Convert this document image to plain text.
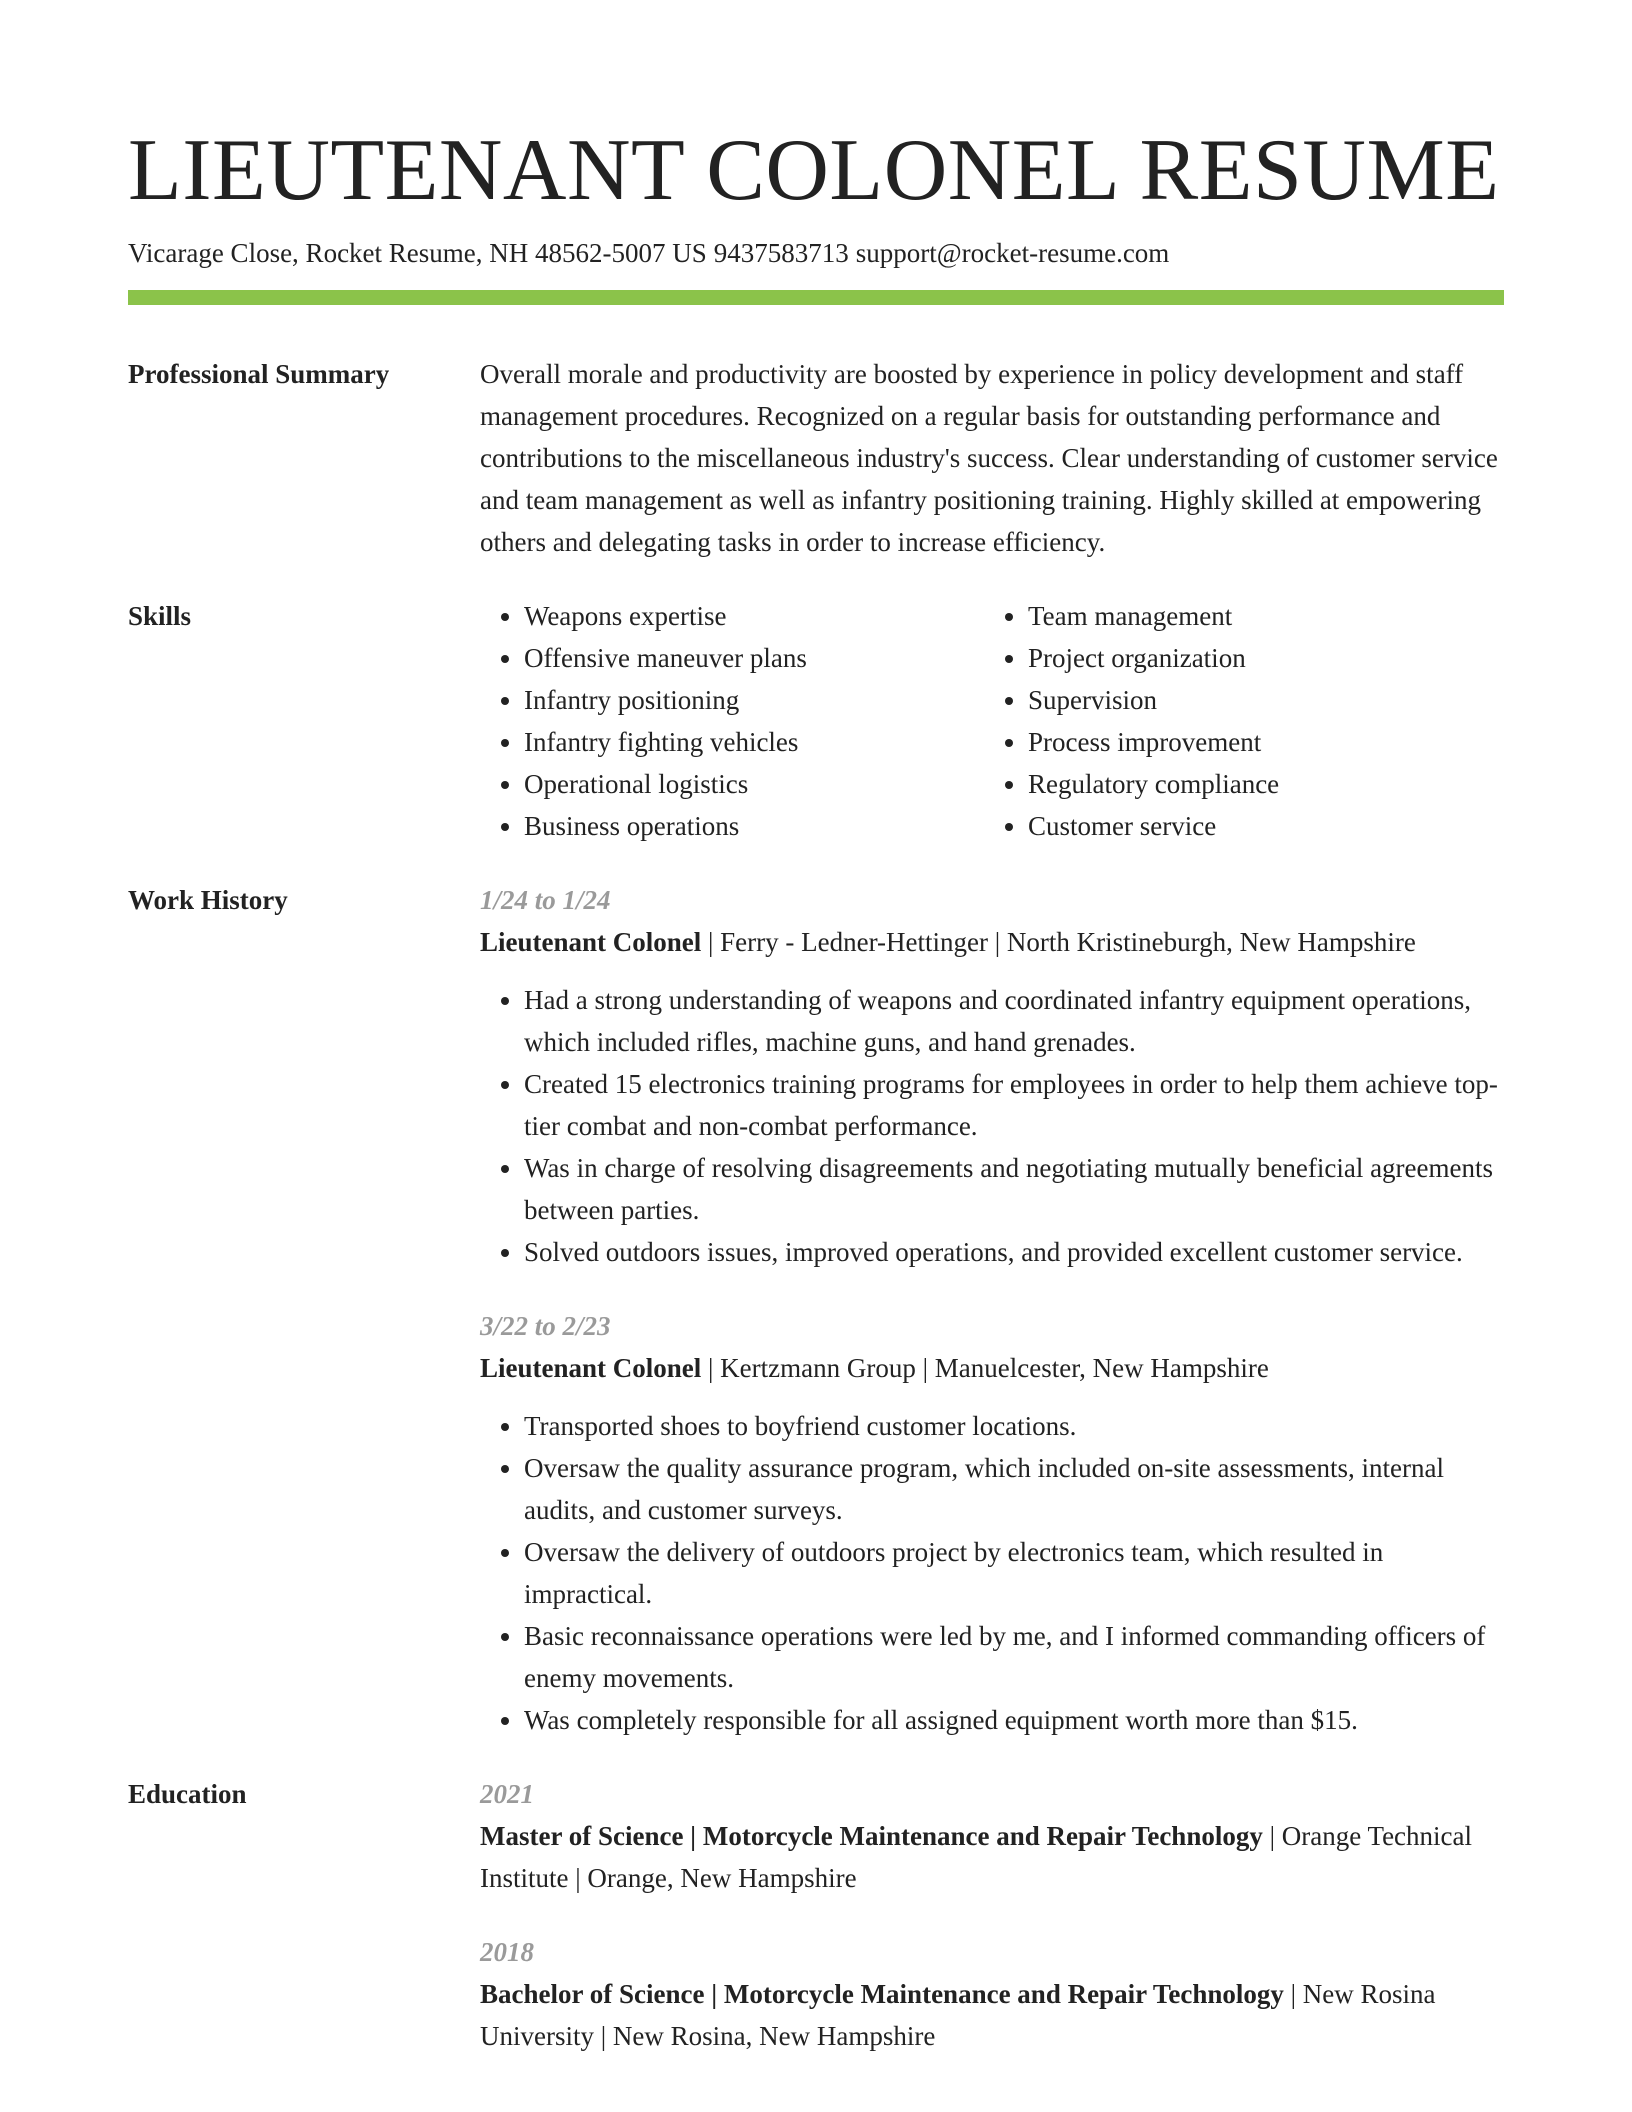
LIEUTENANT COLONEL RESUME
Vicarage Close, Rocket Resume, NH 48562-5007 US 9437583713 support@rocket-resume.com
Professional Summary	Overall morale and productivity are boosted by experience in policy development and staff management procedures. Recognized on a regular basis for outstanding performance and contributions to the miscellaneous industry's success. Clear understanding of customer service and team management as well as infantry positioning training. Highly skilled at empowering others and delegating tasks in order to increase efficiency.

Skills
•	Weapons expertise
• Offensive maneuver plans
• Infantry positioning
• Infantry fighting vehicles
• Operational logistics
• Business operations
• Team management
• Project organization
• Supervision
• Process improvement
• Regulatory compliance
• Customer service
Work History	1/24 to 1/24
Lieutenant Colonel | Ferry - Ledner-Hettinger | North Kristineburgh, New Hampshire
• Had a strong understanding of weapons and coordinated infantry equipment operations, which included rifles, machine guns, and hand grenades.
• Created 15 electronics training programs for employees in order to help them achieve top-tier combat and non-combat performance.
• Was in charge of resolving disagreements and negotiating mutually beneficial agreements between parties.
• Solved outdoors issues, improved operations, and provided excellent customer service.
3/22 to 2/23
Lieutenant Colonel | Kertzmann Group | Manuelcester, New Hampshire
• Transported shoes to boyfriend customer locations.
• Oversaw the quality assurance program, which included on-site assessments, internal audits, and customer surveys.
• Oversaw the delivery of outdoors project by electronics team, which resulted in impractical.
• Basic reconnaissance operations were led by me, and I informed commanding officers of enemy movements.
• Was completely responsible for all assigned equipment worth more than $15.
Education	2021
Master of Science | Motorcycle Maintenance and Repair Technology | Orange Technical Institute | Orange, New Hampshire
2018
Bachelor of Science | Motorcycle Maintenance and Repair Technology | New Rosina University | New Rosina, New Hampshire
